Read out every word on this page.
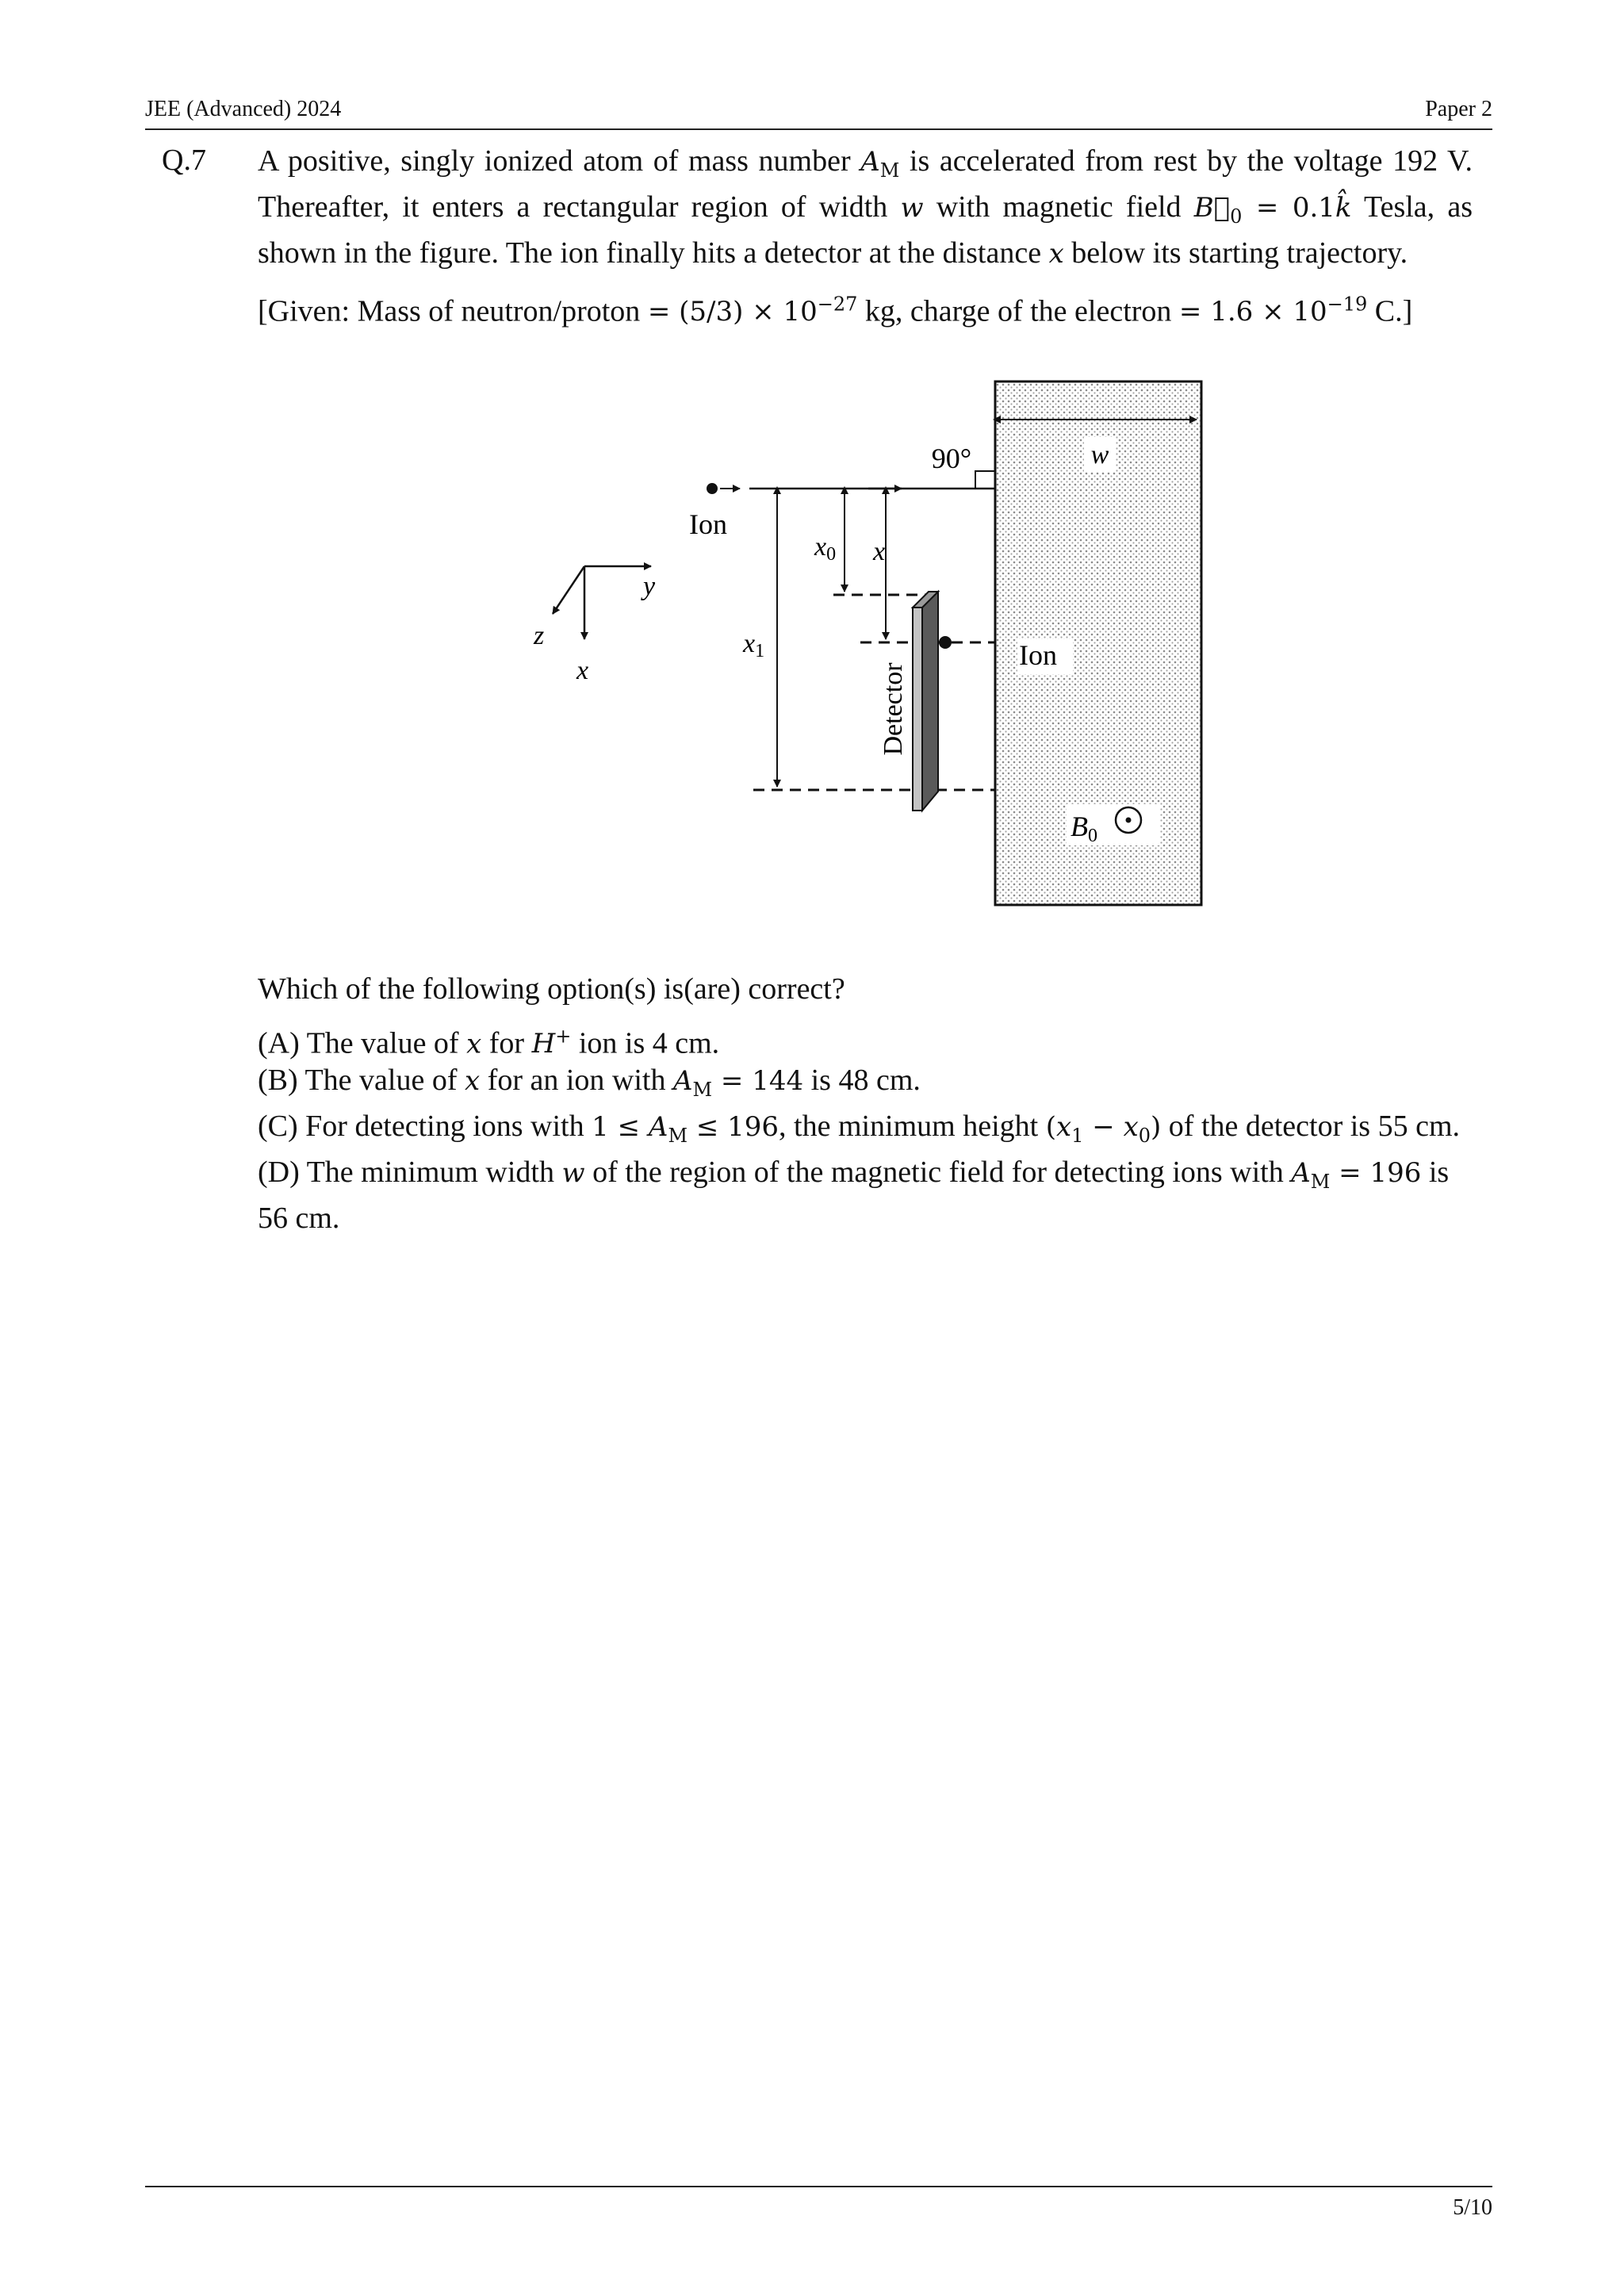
JEE (Advanced) 2024	Paper 2
Q.7 A positive, singly ionized atom of mass number $A_M$ is accelerated from rest by the voltage 192 V. Thereafter, it enters a rectangular region of width w with magnetic field $B⃗_0$ = 0.1k̂ Tesla, as shown in the figure. The ion finally hits a detector at the distance x below its starting trajectory.

[Given: Mass of neutron/proton = $(5/3) \times 10^{-27}$ kg, charge of the electron = $1.6 \times 10^{-19}$ C.]

w
90°
Ion
x1
x0 x
Detector
Ion
B0
y
z
x

Which of the following option(s) is(are) correct?

(A) The value of x for H+ ion is 4 cm.

(B) The value of x for an ion with $A_M = 144$ is 48 cm.

(C) For detecting ions with $1 \le A_M \le 196$, the minimum height $(x_1 - x_0)$ of the detector is 55 cm.

(D) The minimum width w of the region of the magnetic field for detecting ions with $A_M = 196$ is 56 cm.

5/10
